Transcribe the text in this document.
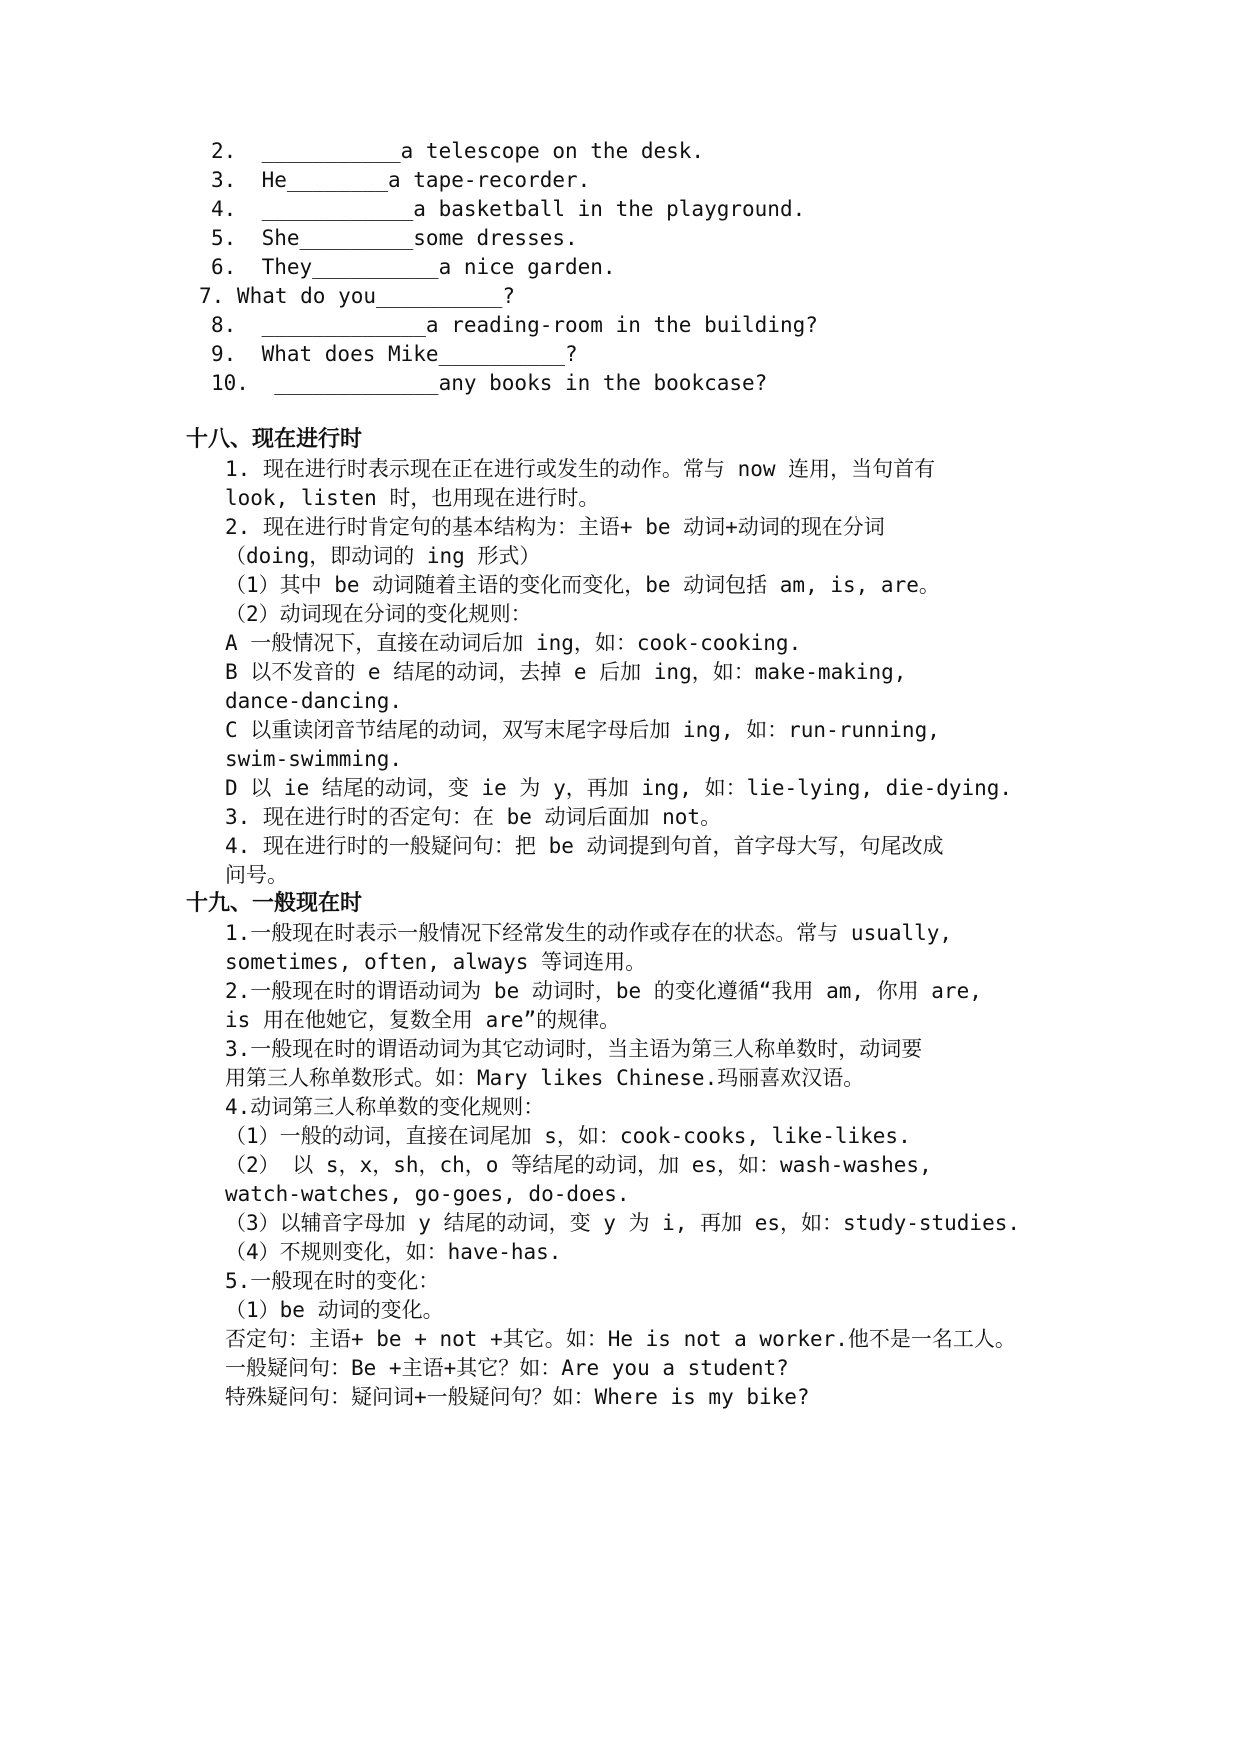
2.  ___________a telescope on the desk.
3.  He________a tape-recorder.
4.  ____________a basketball in the playground.
5.  She_________some dresses.
6.  They__________a nice garden.
7. What do you__________?
8.  _____________a reading-room in the building?
9.  What does Mike__________?
10.  _____________any books in the bookcase?
十八、现在进行时
1. 现在进行时表示现在正在进行或发生的动作。常与 now 连用，当句首有
look, listen 时，也用现在进行时。
2. 现在进行时肯定句的基本结构为：主语+ be 动词+动词的现在分词
（doing，即动词的 ing 形式）
（1）其中 be 动词随着主语的变化而变化，be 动词包括 am, is, are。
（2）动词现在分词的变化规则：
A 一般情况下，直接在动词后加 ing，如：cook-cooking.
B 以不发音的 e 结尾的动词，去掉 e 后加 ing，如：make-making,
dance-dancing.
C 以重读闭音节结尾的动词，双写末尾字母后加 ing, 如：run-running,
swim-swimming.
D 以 ie 结尾的动词，变 ie 为 y，再加 ing, 如：lie-lying, die-dying.
3. 现在进行时的否定句：在 be 动词后面加 not。
4. 现在进行时的一般疑问句：把 be 动词提到句首，首字母大写，句尾改成
问号。
十九、一般现在时
1.一般现在时表示一般情况下经常发生的动作或存在的状态。常与 usually,
sometimes, often, always 等词连用。
2.一般现在时的谓语动词为 be 动词时，be 的变化遵循“我用 am, 你用 are,
is 用在他她它，复数全用 are”的规律。
3.一般现在时的谓语动词为其它动词时，当主语为第三人称单数时，动词要
用第三人称单数形式。如：Mary likes Chinese.玛丽喜欢汉语。
4.动词第三人称单数的变化规则：
（1）一般的动词，直接在词尾加 s，如：cook-cooks, like-likes.
（2） 以 s，x，sh，ch，o 等结尾的动词，加 es，如：wash-washes,
watch-watches, go-goes, do-does.
（3）以辅音字母加 y 结尾的动词，变 y 为 i, 再加 es，如：study-studies.
（4）不规则变化，如：have-has.
5.一般现在时的变化：
（1）be 动词的变化。
否定句：主语+ be + not +其它。如：He is not a worker.他不是一名工人。
一般疑问句：Be +主语+其它？如：Are you a student?
特殊疑问句：疑问词+一般疑问句？如：Where is my bike?
